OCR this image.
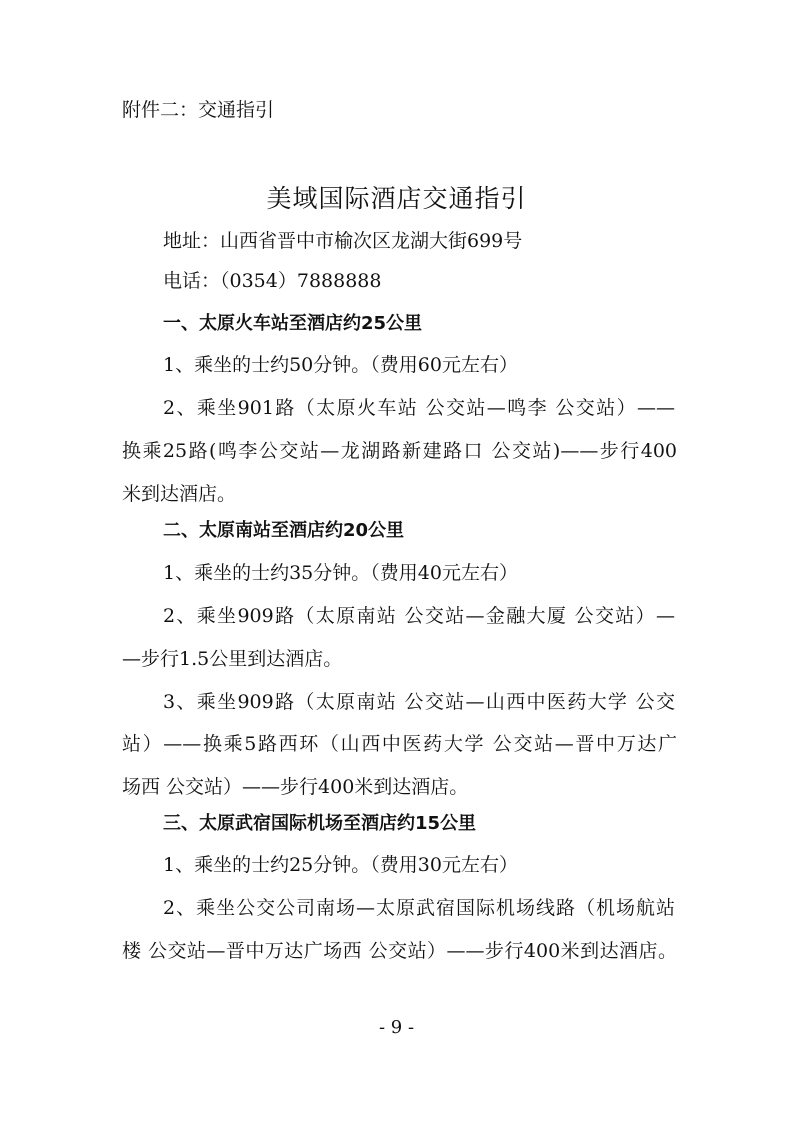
附件二：交通指引
美域国际酒店交通指引
地址：山西省晋中市榆次区龙湖大街699号
电话：（0354）7888888
一、太原火车站至酒店约25公里
1、乘坐的士约50分钟。（费用60元左右）
2、乘坐901路（太原火车站 公交站—鸣李 公交站）——
换乘25路(鸣李公交站—龙湖路新建路口 公交站)——步行400
米到达酒店。
二、太原南站至酒店约20公里
1、乘坐的士约35分钟。（费用40元左右）
2、乘坐909路（太原南站 公交站—金融大厦 公交站）—
—步行1.5公里到达酒店。
3、乘坐909路（太原南站 公交站—山西中医药大学 公交
站）——换乘5路西环（山西中医药大学 公交站—晋中万达广
场西 公交站）——步行400米到达酒店。
三、太原武宿国际机场至酒店约15公里
1、乘坐的士约25分钟。（费用30元左右）
2、乘坐公交公司南场—太原武宿国际机场线路（机场航站
楼 公交站—晋中万达广场西 公交站）——步行400米到达酒店。
- 9 -
